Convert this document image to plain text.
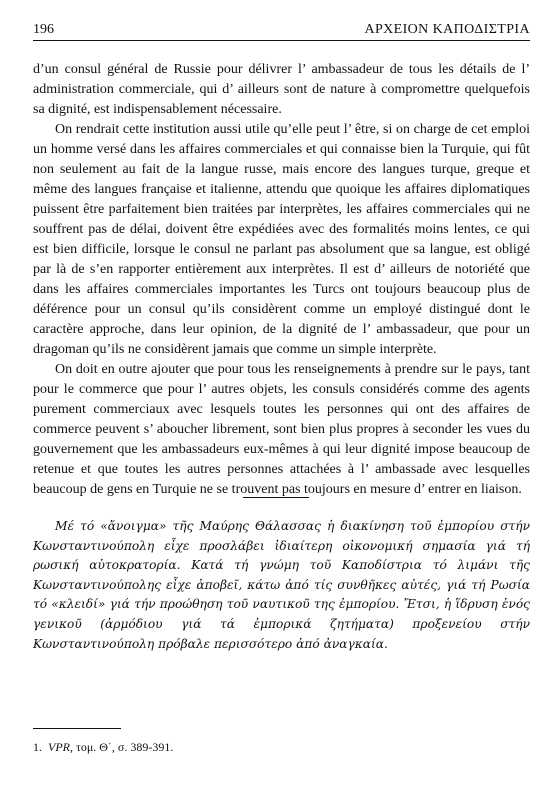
196	ΑΡΧΕΙΟΝ ΚΑΠΟΔΙΣΤΡΙΑ

d’un consul général de Russie pour délivrer l’ ambassadeur de tous les détails de l’ administration commerciale, qui d’ ailleurs sont de nature à compromettre quelquefois sa dignité, est indispensablement nécessaire.

On rendrait cette institution aussi utile qu’elle peut l’ être, si on charge de cet emploi un homme versé dans les affaires commerciales et qui connaisse bien la Turquie, qui fût non seulement au fait de la langue russe, mais encore des langues turque, greque et même des langues française et italienne, attendu que quoique les affaires diplomatiques puissent être parfaitement bien traitées par interprètes, les affaires commerciales qui ne souffrent pas de délai, doivent être expédiées avec des formalités moins lentes, ce qui est bien difficile, lorsque le consul ne parlant pas absolument que sa langue, est obligé par là de s’en rapporter entièrement aux interprètes. Il est d’ ailleurs de notoriété que dans les affaires commerciales importantes les Turcs ont toujours beaucoup plus de déférence pour un consul qu’ils considèrent comme un employé distingué dont le caractère approche, dans leur opinion, de la dignité de l’ ambassadeur, que pour un dragoman qu’ils ne considèrent jamais que comme un simple interprète.

On doit en outre ajouter que pour tous les renseignements à prendre sur le pays, tant pour le commerce que pour l’ autres objets, les consuls considérés comme des agents purement commerciaux avec lesquels toutes les personnes qui ont des affaires de commerce peuvent s’ aboucher librement, sont bien plus propres à seconder les vues du gouvernement que les ambassadeurs eux-mêmes à qui leur dignité impose beaucoup de retenue et que toutes les autres personnes attachées à l’ ambassade avec lesquelles beaucoup de gens en Turquie ne se trouvent pas toujours en mesure d’ entrer en liaison.

Μέ τό «ἄνοιγμα» τῆς Μαύρης Θάλασσας ἡ διακίνηση τοῦ ἐμπορίου στήν Κωνσταντινούπολη εἶχε προσλάβει ἰδιαίτερη οἰκονομική σημασία γιά τή ρωσική αὐτοκρατορία. Κατά τή γνώμη τοῦ Καποδίστρια τό λιμάνι τῆς Κωνσταντινούπολης εἶχε ἀποβεῖ, κάτω ἀπό τίς συνθῆκες αὐτές, γιά τή Ρωσία τό «κλειδί» γιά τήν προώθηση τοῦ ναυτικοῦ της ἐμπορίου. Ἔτσι, ἡ ἵδρυση ἑνός γενικοῦ (ἁρμόδιου γιά τά ἐμπορικά ζητήματα) προξενείου στήν Κωνσταντινούπολη πρόβαλε περισσότερο ἀπό ἀναγκαία.

1. VPR, τομ. Θ΄, σ. 389-391.
